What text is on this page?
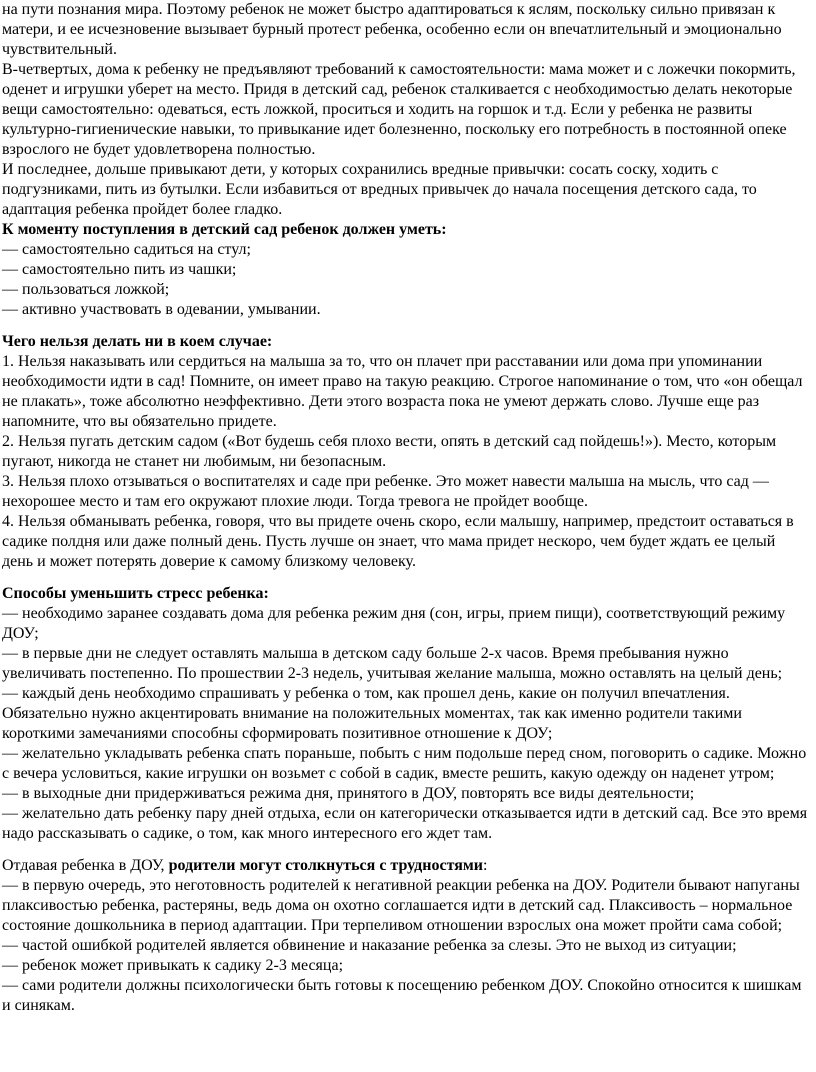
на пути познания мира. Поэтому ребенок не может быстро адаптироваться к яслям, поскольку сильно привязан к матери, и ее исчезновение вызывает бурный протест ребенка, особенно если он впечатлительный и эмоционально чувствительный.

В-четвертых, дома к ребенку не предъявляют требований к самостоятельности: мама может и с ложечки покормить, оденет и игрушки уберет на место. Придя в детский сад, ребенок сталкивается с необходимостью делать некоторые вещи самостоятельно: одеваться, есть ложкой, проситься и ходить на горшок и т.д. Если у ребенка не развиты культурно-гигиенические навыки, то привыкание идет болезненно, поскольку его потребность в постоянной опеке взрослого не будет удовлетворена полностью.

И последнее, дольше привыкают дети, у которых сохранились вредные привычки: сосать соску, ходить с подгузниками, пить из бутылки. Если избавиться от вредных привычек до начала посещения детского сада, то адаптация ребенка пройдет более гладко.

К моменту поступления в детский сад ребенок должен уметь:

— самостоятельно садиться на стул;

— самостоятельно пить из чашки;

— пользоваться ложкой;

— активно участвовать в одевании, умывании.

Чего нельзя делать ни в коем случае:

1. Нельзя наказывать или сердиться на малыша за то, что он плачет при расставании или дома при упоминании необходимости идти в сад! Помните, он имеет право на такую реакцию. Строгое напоминание о том, что «он обещал не плакать», тоже абсолютно неэффективно. Дети этого возраста пока не умеют держать слово. Лучше еще раз напомните, что вы обязательно придете.

2. Нельзя пугать детским садом («Вот будешь себя плохо вести, опять в детский сад пойдешь!»). Место, которым пугают, никогда не станет ни любимым, ни безопасным.

3. Нельзя плохо отзываться о воспитателях и саде при ребенке. Это может навести малыша на мысль, что сад — нехорошее место и там его окружают плохие люди. Тогда тревога не пройдет вообще.

4. Нельзя обманывать ребенка, говоря, что вы придете очень скоро, если малышу, например, предстоит оставаться в садике полдня или даже полный день. Пусть лучше он знает, что мама придет нескоро, чем будет ждать ее целый день и может потерять доверие к самому близкому человеку.

Способы уменьшить стресс ребенка:

— необходимо заранее создавать дома для ребенка режим дня (сон, игры, прием пищи), соответствующий режиму ДОУ;

— в первые дни не следует оставлять малыша в детском саду больше 2-х часов. Время пребывания нужно увеличивать постепенно. По прошествии 2-3 недель, учитывая желание малыша, можно оставлять на целый день;

— каждый день необходимо спрашивать у ребенка о том, как прошел день, какие он получил впечатления. Обязательно нужно акцентировать внимание на положительных моментах, так как именно родители такими короткими замечаниями способны сформировать позитивное отношение к ДОУ;

— желательно укладывать ребенка спать пораньше, побыть с ним подольше перед сном, поговорить о садике. Можно с вечера условиться, какие игрушки он возьмет с собой в садик, вместе решить, какую одежду он наденет утром;

— в выходные дни придерживаться режима дня, принятого в ДОУ, повторять все виды деятельности;

— желательно дать ребенку пару дней отдыха, если он категорически отказывается идти в детский сад. Все это время надо рассказывать о садике, о том, как много интересного его ждет там.

Отдавая ребенка в ДОУ, родители могут столкнуться с трудностями:

— в первую очередь, это неготовность родителей к негативной реакции ребенка на ДОУ. Родители бывают напуганы плаксивостью ребенка, растеряны, ведь дома он охотно соглашается идти в детский сад. Плаксивость – нормальное состояние дошкольника в период адаптации. При терпеливом отношении взрослых она может пройти сама собой;

— частой ошибкой родителей является обвинение и наказание ребенка за слезы. Это не выход из ситуации;

— ребенок может привыкать к садику 2-3 месяца;

— сами родители должны психологически быть готовы к посещению ребенком ДОУ. Спокойно относится к шишкам и синякам.
